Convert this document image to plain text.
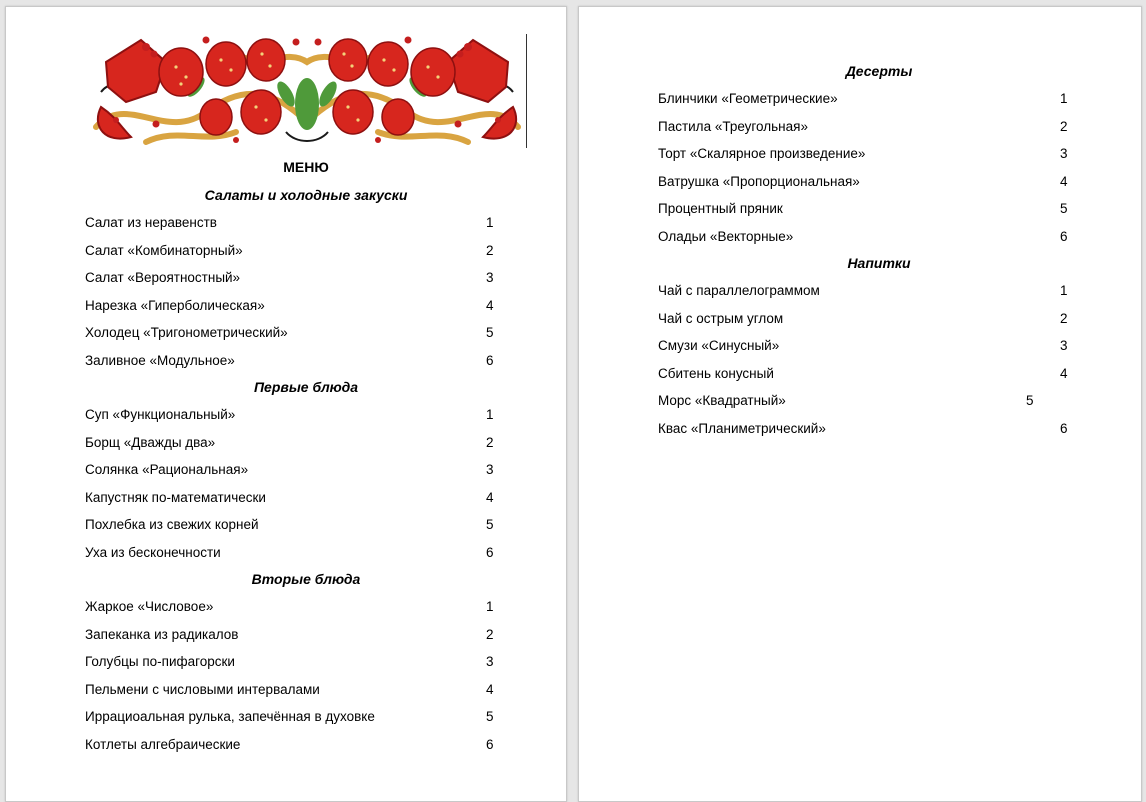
МЕНЮ
Салаты и холодные закуски
Салат из неравенств	1
Салат «Комбинаторный»	2
Салат «Вероятностный»	3
Нарезка «Гиперболическая»	4
Холодец «Тригонометрический»	5
Заливное «Модульное»	6
Первые блюда
Суп «Функциональный»	1
Борщ «Дважды два»	2
Солянка «Рациональная»	3
Капустняк по-математически	4
Похлебка из свежих корней	5
Уха из бесконечности	6
Вторые блюда
Жаркое «Числовое»	1
Запеканка из радикалов	2
Голубцы по-пифагорски	3
Пельмени с числовыми интервалами	4
Иррациоальная рулька, запечённая в духовке	5
Котлеты алгебраические	6
Десерты
Блинчики «Геометрические»	1
Пастила «Треугольная»	2
Торт «Скалярное произведение»	3
Ватрушка «Пропорциональная»	4
Процентный пряник	5
Оладьи «Векторные»	6
Напитки
Чай с параллелограммом	1
Чай с острым углом	2
Смузи «Синусный»	3
Сбитень конусный	4
Морс «Квадратный»	5
Квас «Планиметрический»	6
